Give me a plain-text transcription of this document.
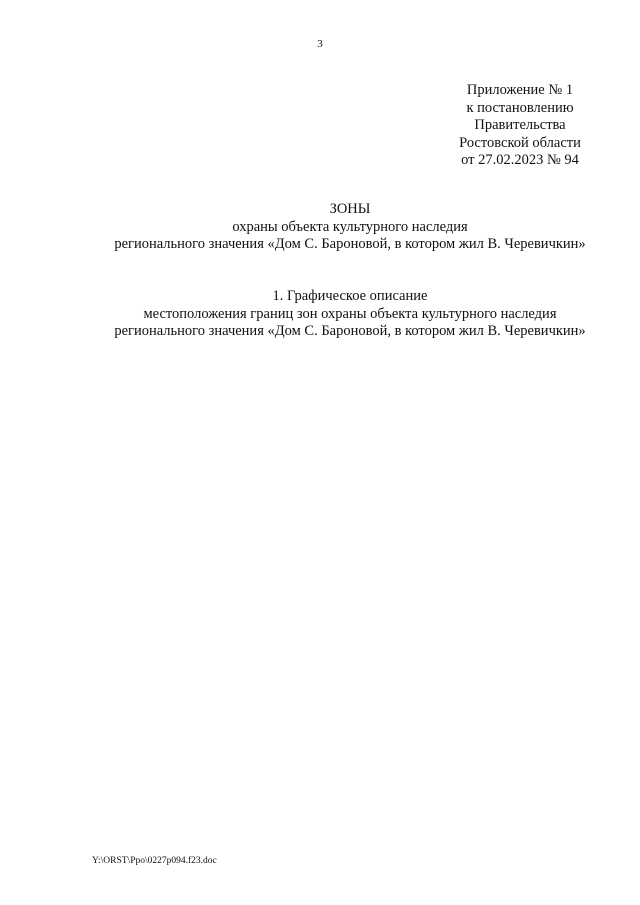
3
Приложение № 1
к постановлению
Правительства
Ростовской области
от 27.02.2023 № 94
ЗОНЫ
охраны объекта культурного наследия
регионального значения «Дом С. Бароновой, в котором жил В. Черевичкин»
1. Графическое описание
местоположения границ зон охраны объекта культурного наследия
регионального значения «Дом С. Бароновой, в котором жил В. Черевичкин»
Y:\ORST\Ppo\0227p094.f23.doc
